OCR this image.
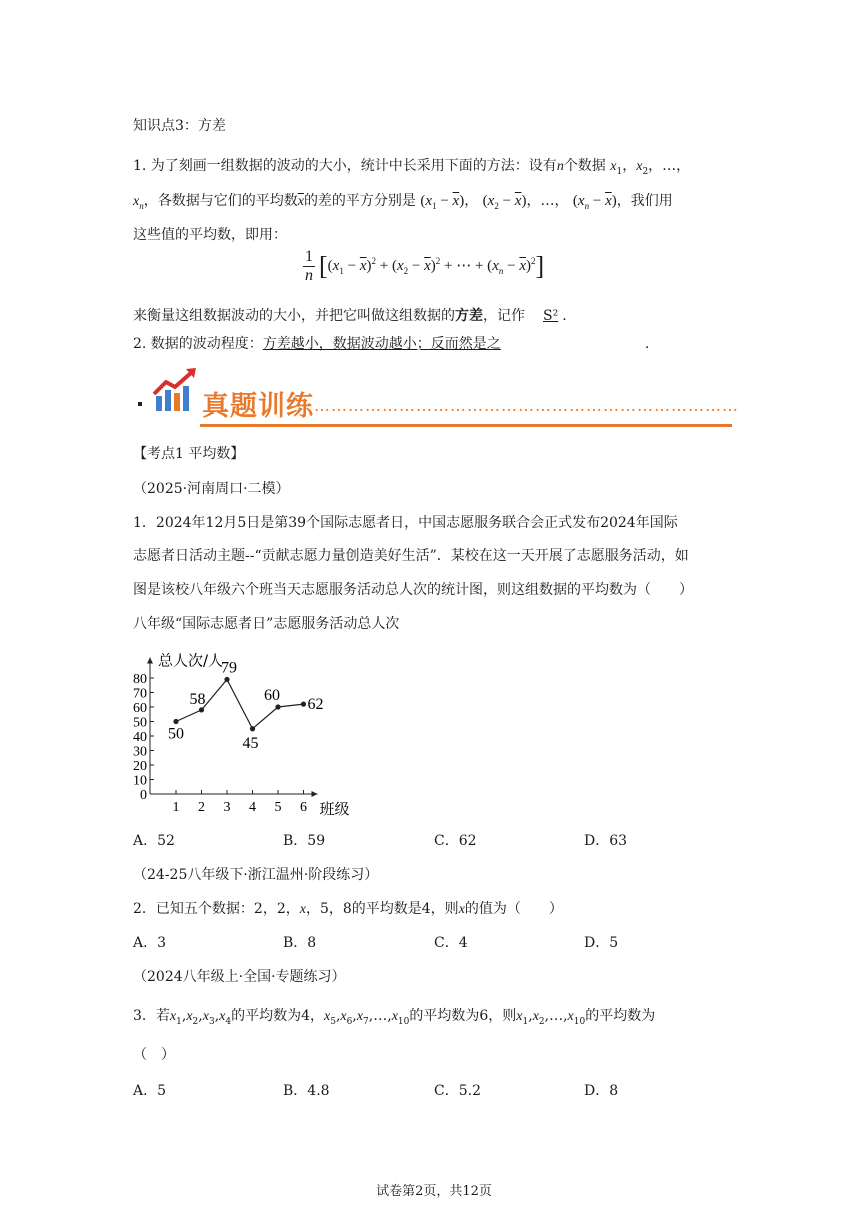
知识点3：方差
1. 为了刻画一组数据的波动的大小，统计中长采用下面的方法：设有n个数据 $x_1$，$x_2$，…，
$x_n$，各数据与它们的平均数$\overline{x}$的差的平方分别是 $(x_1 - \overline{x})$， $(x_2 - \overline{x})$，…， $(x_n - \overline{x})$，我们用
这些值的平均数，即用：
$\frac{1}{n} [(x_1 - \overline{x})^2 + (x_2 - \overline{x})^2$ + ⋯ + $(x_n - \overline{x})^2$]
来衡量这组数据波动的大小，并把它叫做这组数据的方差，记作 S² .
2. 数据的波动程度：方差越小，数据波动越小；反而然是之	.
真题训练 …………………………………………………………………
【考点1 平均数】
（2025·河南周口·二模）
1．2024年12月5日是第39个国际志愿者日，中国志愿服务联合会正式发布2024年国际
志愿者日活动主题--“贡献志愿力量创造美好生活”．某校在这一天开展了志愿服务活动，如
图是该校八年级六个班当天志愿服务活动总人次的统计图，则这组数据的平均数为（　　）
八年级“国际志愿者日”志愿服务活动总人次
0
10
20
30
40
50
60
70
80
1 2 3 4 5 6
总人次/人
班级
50
58
79
45
60
62
A．52	B．59	C．62	D．63
（24-25八年级下·浙江温州·阶段练习）
2．已知五个数据：2，2，x，5，8的平均数是4，则x的值为（　　）
A．3	B．8	C．4	D．5
（2024八年级上·全国·专题练习）
3．若$x_1,x_2,x_3,x_4$的平均数为4，$x_5,x_6,x_7,\dots,x_{10}$的平均数为6，则$x_1,x_2,\dots,x_{10}$的平均数为
（　）
A．5	B．4.8	C．5.2	D．8
试卷第2页，共12页
